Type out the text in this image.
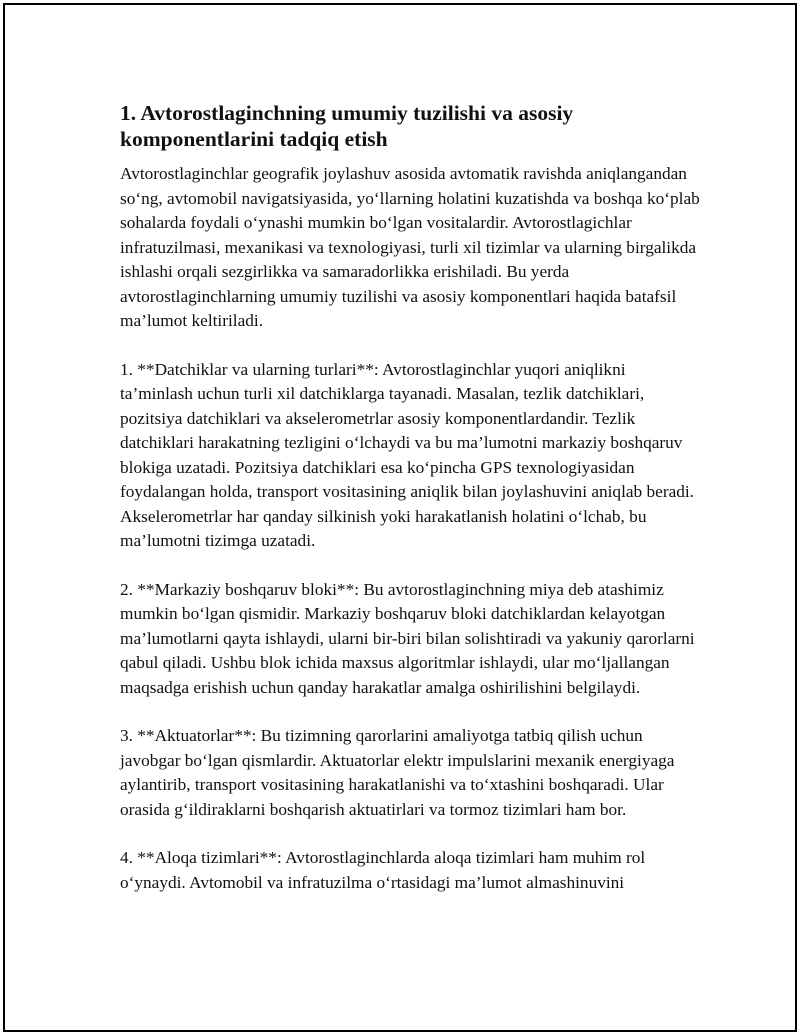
1. Avtorostlaginchning umumiy tuzilishi va asosiy komponentlarini tadqiq etish

Avtorostlaginchlar geografik joylashuv asosida avtomatik ravishda aniqlangandan so‘ng, avtomobil navigatsiyasida, yo‘llarning holatini kuzatishda va boshqa ko‘plab sohalarda foydali o‘ynashi mumkin bo‘lgan vositalardir. Avtorostlagichlar infratuzilmasi, mexanikasi va texnologiyasi, turli xil tizimlar va ularning birgalikda ishlashi orqali sezgirlikka va samaradorlikka erishiladi. Bu yerda avtorostlaginchlarning umumiy tuzilishi va asosiy komponentlari haqida batafsil ma’lumot keltiriladi.

1. **Datchiklar va ularning turlari**: Avtorostlaginchlar yuqori aniqlikni ta’minlash uchun turli xil datchiklarga tayanadi. Masalan, tezlik datchiklari, pozitsiya datchiklari va akselerometrlar asosiy komponentlardandir. Tezlik datchiklari harakatning tezligini o‘lchaydi va bu ma’lumotni markaziy boshqaruv blokiga uzatadi. Pozitsiya datchiklari esa ko‘pincha GPS texnologiyasidan foydalangan holda, transport vositasining aniqlik bilan joylashuvini aniqlab beradi. Akselerometrlar har qanday silkinish yoki harakatlanish holatini o‘lchab, bu ma’lumotni tizimga uzatadi.

2. **Markaziy boshqaruv bloki**: Bu avtorostlaginchning miya deb atashimiz mumkin bo‘lgan qismidir. Markaziy boshqaruv bloki datchiklardan kelayotgan ma’lumotlarni qayta ishlaydi, ularni bir-biri bilan solishtiradi va yakuniy qarorlarni qabul qiladi. Ushbu blok ichida maxsus algoritmlar ishlaydi, ular mo‘ljallangan maqsadga erishish uchun qanday harakatlar amalga oshirilishini belgilaydi.

3. **Aktuatorlar**: Bu tizimning qarorlarini amaliyotga tatbiq qilish uchun javobgar bo‘lgan qismlardir. Aktuatorlar elektr impulslarini mexanik energiyaga aylantirib, transport vositasining harakatlanishi va to‘xtashini boshqaradi. Ular orasida g‘ildiraklarni boshqarish aktuatirlari va tormoz tizimlari ham bor.

4. **Aloqa tizimlari**: Avtorostlaginchlarda aloqa tizimlari ham muhim rol o‘ynaydi. Avtomobil va infratuzilma o‘rtasidagi ma’lumot almashinuvini
